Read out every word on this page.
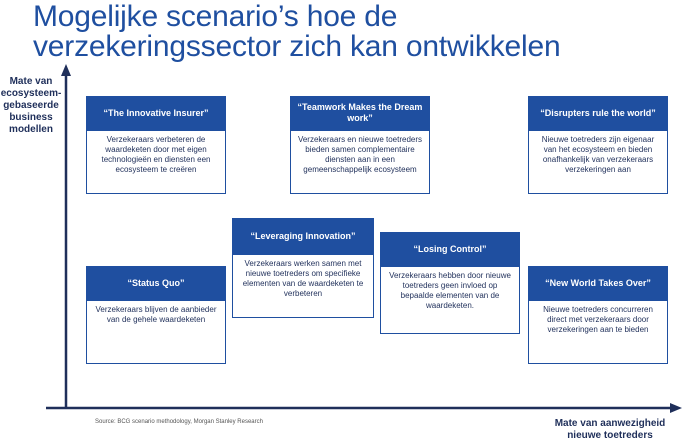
Mogelijke scenario’s hoe de
verzekeringssector zich kan ontwikkelen
Mate van ecosysteem-gebaseerde business modellen
“The Innovative Insurer”
Verzekeraars verbeteren de waardeketen door met eigen technologieën en diensten een ecosysteem te creëren
“Teamwork Makes the Dream work”
Verzekeraars en nieuwe toetreders bieden samen complementaire diensten aan in een gemeenschappelijk ecosysteem
“Disrupters rule the world”
Nieuwe toetreders zijn eigenaar van het ecosysteem en bieden onafhankelijk van verzekeraars verzekeringen aan
“Leveraging Innovation”
Verzekeraars werken samen met nieuwe toetreders om specifieke elementen van de waardeketen te verbeteren
“Losing Control”
Verzekeraars hebben door nieuwe toetreders geen invloed op bepaalde elementen van de waardeketen.
“Status Quo”
Verzekeraars blijven de aanbieder van de gehele waardeketen
“New World Takes Over”
Nieuwe toetreders concurreren direct met verzekeraars door verzekeringen aan te bieden
Source: BCG scenario methodology, Morgan Stanley Research	Mate van aanwezigheid nieuwe toetreders
